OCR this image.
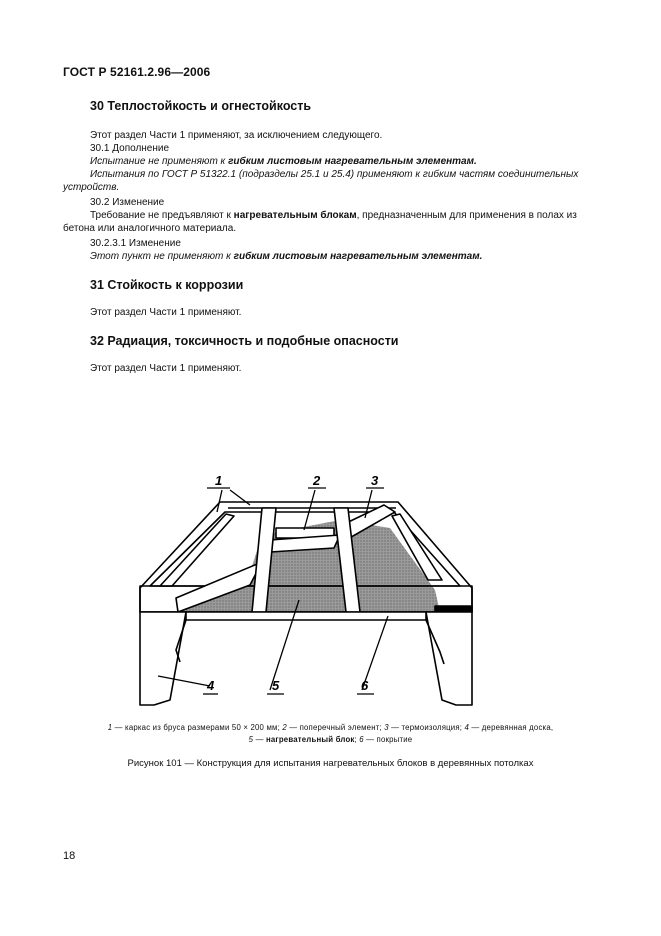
ГОСТ Р 52161.2.96—2006
30 Теплостойкость и огнестойкость
Этот раздел Части 1 применяют, за исключением следующего.
30.1 Дополнение
Испытание не применяют к гибким листовым нагревательным элементам.
Испытания по ГОСТ Р 51322.1 (подразделы 25.1 и 25.4) применяют к гибким частям соединительных устройств.
30.2 Изменение
Требование не предъявляют к нагревательным блокам, предназначенным для применения в полах из бетона или аналогичного материала.
30.2.3.1 Изменение
Этот пункт не применяют к гибким листовым нагревательным элементам.
31 Стойкость к коррозии
Этот раздел Части 1 применяют.
32 Радиация, токсичность и подобные опасности
Этот раздел Части 1 применяют.
1	2	3
4	5	6
1 — каркас из бруса размерами 50 × 200 мм; 2 — поперечный элемент; 3 — термоизоляция; 4 — деревянная доска,
5 — нагревательный блок; 6 — покрытие
Рисунок 101 — Конструкция для испытания нагревательных блоков в деревянных потолках
18
